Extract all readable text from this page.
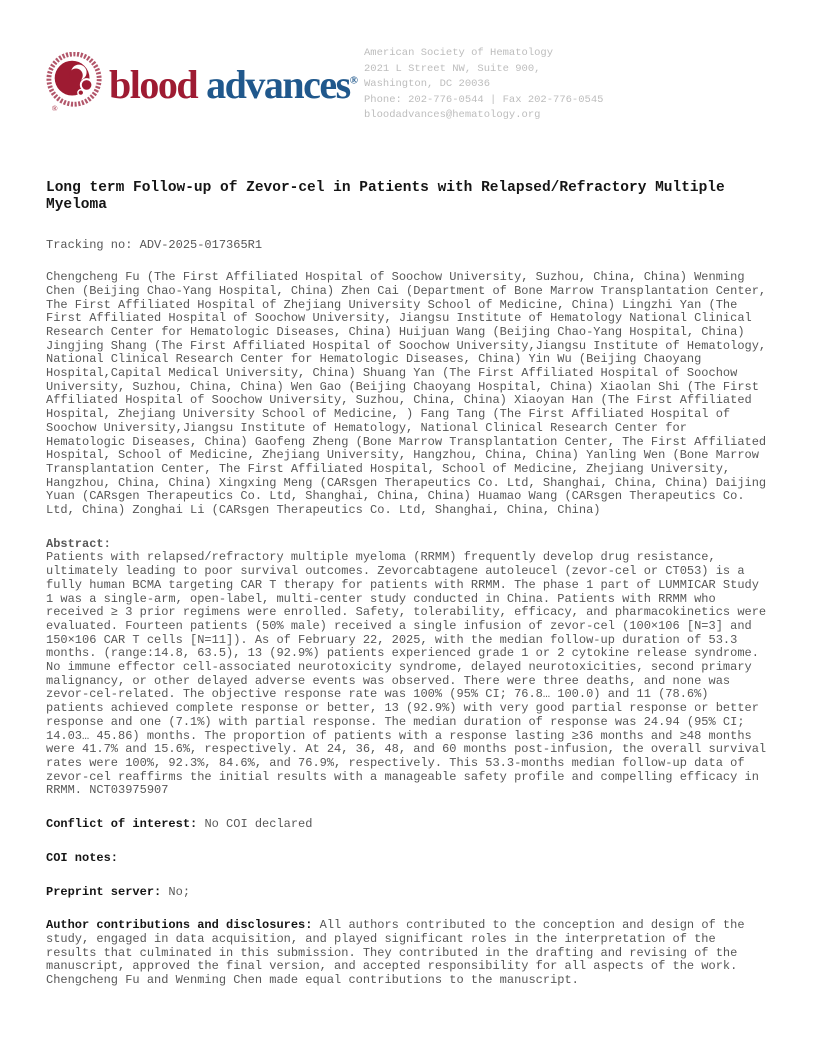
®
blood advances®
American Society of Hematology
2021 L Street NW, Suite 900,
Washington, DC 20036
Phone: 202-776-0544 | Fax 202-776-0545
bloodadvances@hematology.org
Long term Follow-up of Zevor-cel in Patients with Relapsed/Refractory Multiple Myeloma

Tracking no: ADV-2025-017365R1

Chengcheng Fu (The First Affiliated Hospital of Soochow University, Suzhou, China, China) Wenming Chen (Beijing Chao-Yang Hospital, China) Zhen Cai (Department of Bone Marrow Transplantation Center, The First Affiliated Hospital of Zhejiang University School of Medicine, China) Lingzhi Yan (The First Affiliated Hospital of Soochow University, Jiangsu Institute of Hematology National Clinical Research Center for Hematologic Diseases, China) Huijuan Wang (Beijing Chao-Yang Hospital, China) Jingjing Shang (The First Affiliated Hospital of Soochow University,Jiangsu Institute of Hematology, National Clinical Research Center for Hematologic Diseases, China) Yin Wu (Beijing Chaoyang Hospital,Capital Medical University, China) Shuang Yan (The First Affiliated Hospital of Soochow University, Suzhou, China, China) Wen Gao (Beijing Chaoyang Hospital, China) Xiaolan Shi (The First Affiliated Hospital of Soochow University, Suzhou, China, China) Xiaoyan Han (The First Affiliated Hospital, Zhejiang University School of Medicine, ) Fang Tang (The First Affiliated Hospital of Soochow University,Jiangsu Institute of Hematology, National Clinical Research Center for Hematologic Diseases, China) Gaofeng Zheng (Bone Marrow Transplantation Center, The First Affiliated Hospital, School of Medicine, Zhejiang University, Hangzhou, China, China) Yanling Wen (Bone Marrow Transplantation Center, The First Affiliated Hospital, School of Medicine, Zhejiang University, Hangzhou, China, China) Xingxing Meng (CARsgen Therapeutics Co. Ltd, Shanghai, China, China) Daijing Yuan (CARsgen Therapeutics Co. Ltd, Shanghai, China, China) Huamao Wang (CARsgen Therapeutics Co. Ltd, China) Zonghai Li (CARsgen Therapeutics Co. Ltd, Shanghai, China, China)

Abstract:
Patients with relapsed/refractory multiple myeloma (RRMM) frequently develop drug resistance, ultimately leading to poor survival outcomes. Zevorcabtagene autoleucel (zevor-cel or CT053) is a fully human BCMA targeting CAR T therapy for patients with RRMM. The phase 1 part of LUMMICAR Study 1 was a single-arm, open-label, multi-center study conducted in China. Patients with RRMM who received ≥ 3 prior regimens were enrolled. Safety, tolerability, efficacy, and pharmacokinetics were evaluated. Fourteen patients (50% male) received a single infusion of zevor-cel (100×106 [N=3] and 150×106 CAR T cells [N=11]). As of February 22, 2025, with the median follow-up duration of 53.3 months. (range:14.8, 63.5), 13 (92.9%) patients experienced grade 1 or 2 cytokine release syndrome. No immune effector cell-associated neurotoxicity syndrome, delayed neurotoxicities, second primary malignancy, or other delayed adverse events was observed. There were three deaths, and none was zevor-cel-related. The objective response rate was 100% (95% CI; 76.8… 100.0) and 11 (78.6%) patients achieved complete response or better, 13 (92.9%) with very good partial response or better response and one (7.1%) with partial response. The median duration of response was 24.94 (95% CI; 14.03… 45.86) months. The proportion of patients with a response lasting ≥36 months and ≥48 months were 41.7% and 15.6%, respectively. At 24, 36, 48, and 60 months post-infusion, the overall survival rates were 100%, 92.3%, 84.6%, and 76.9%, respectively. This 53.3-months median follow-up data of zevor-cel reaffirms the initial results with a manageable safety profile and compelling efficacy in RRMM. NCT03975907

Conflict of interest: No COI declared

COI notes:

Preprint server: No;

Author contributions and disclosures: All authors contributed to the conception and design of the study, engaged in data acquisition, and played significant roles in the interpretation of the results that culminated in this submission. They contributed in the drafting and revising of the manuscript, approved the final version, and accepted responsibility for all aspects of the work. Chengcheng Fu and Wenming Chen made equal contributions to the manuscript.
